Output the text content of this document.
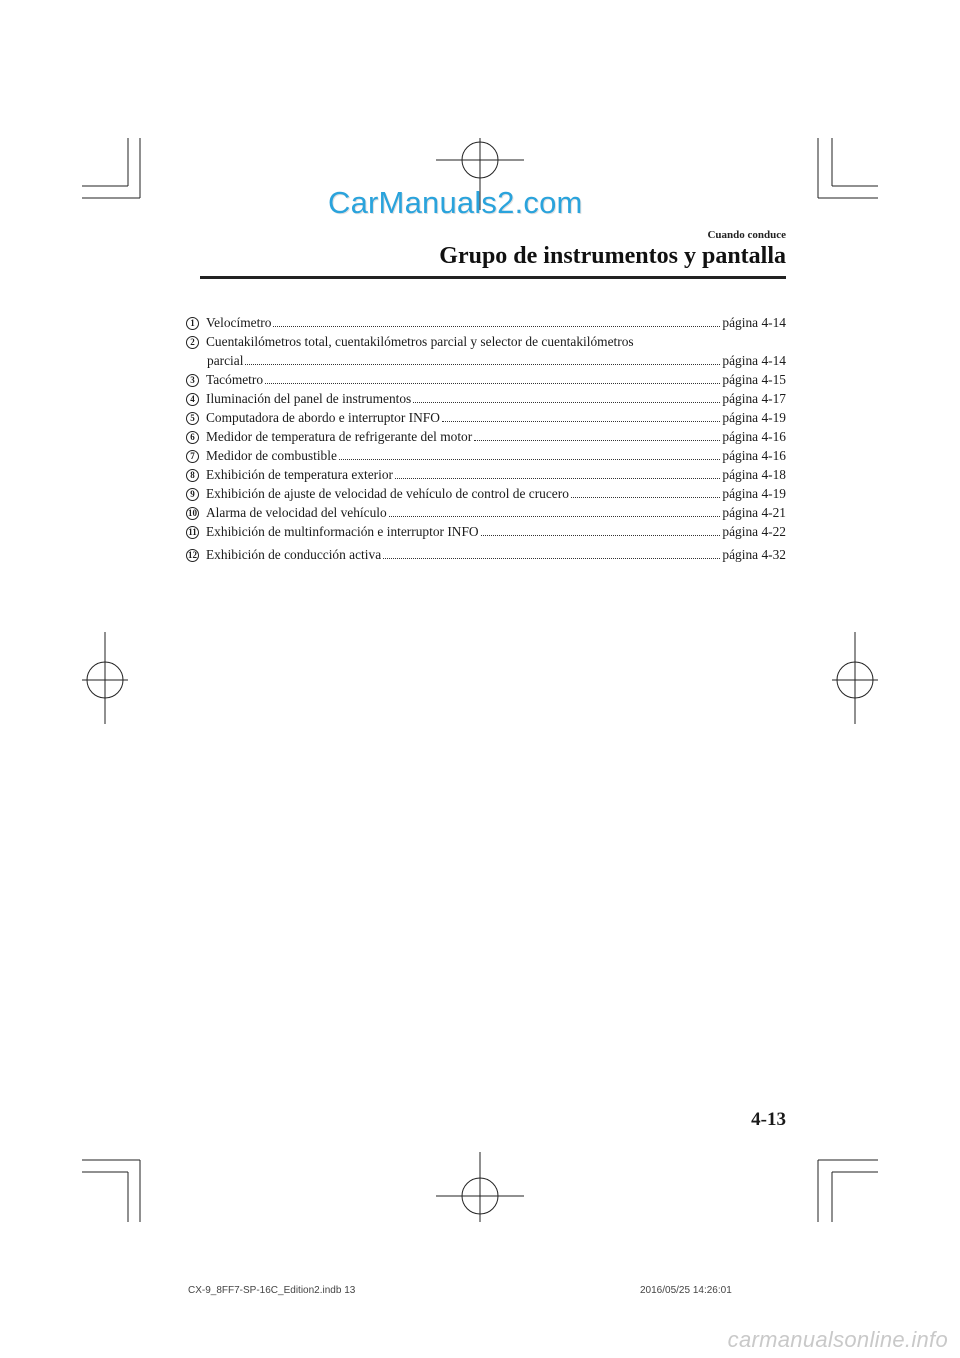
CarManuals2.com
Cuando conduce
Grupo de instrumentos y pantalla
1 Velocímetro	página 4-14
2 Cuentakilómetros total, cuentakilómetros parcial y selector de cuentakilómetros
parcial	página 4-14
3 Tacómetro	página 4-15
4 Iluminación del panel de instrumentos	página 4-17
5 Computadora de abordo e interruptor INFO	página 4-19
6 Medidor de temperatura de refrigerante del motor	página 4-16
7 Medidor de combustible	página 4-16
8 Exhibición de temperatura exterior	página 4-18
9 Exhibición de ajuste de velocidad de vehículo de control de crucero	página 4-19
10 Alarma de velocidad del vehículo	página 4-21
11 Exhibición de multinformación e interruptor INFO	página 4-22
12 Exhibición de conducción activa	página 4-32
4-13
CX-9_8FF7-SP-16C_Edition2.indb 13	2016/05/25 14:26:01
carmanualsonline.info
